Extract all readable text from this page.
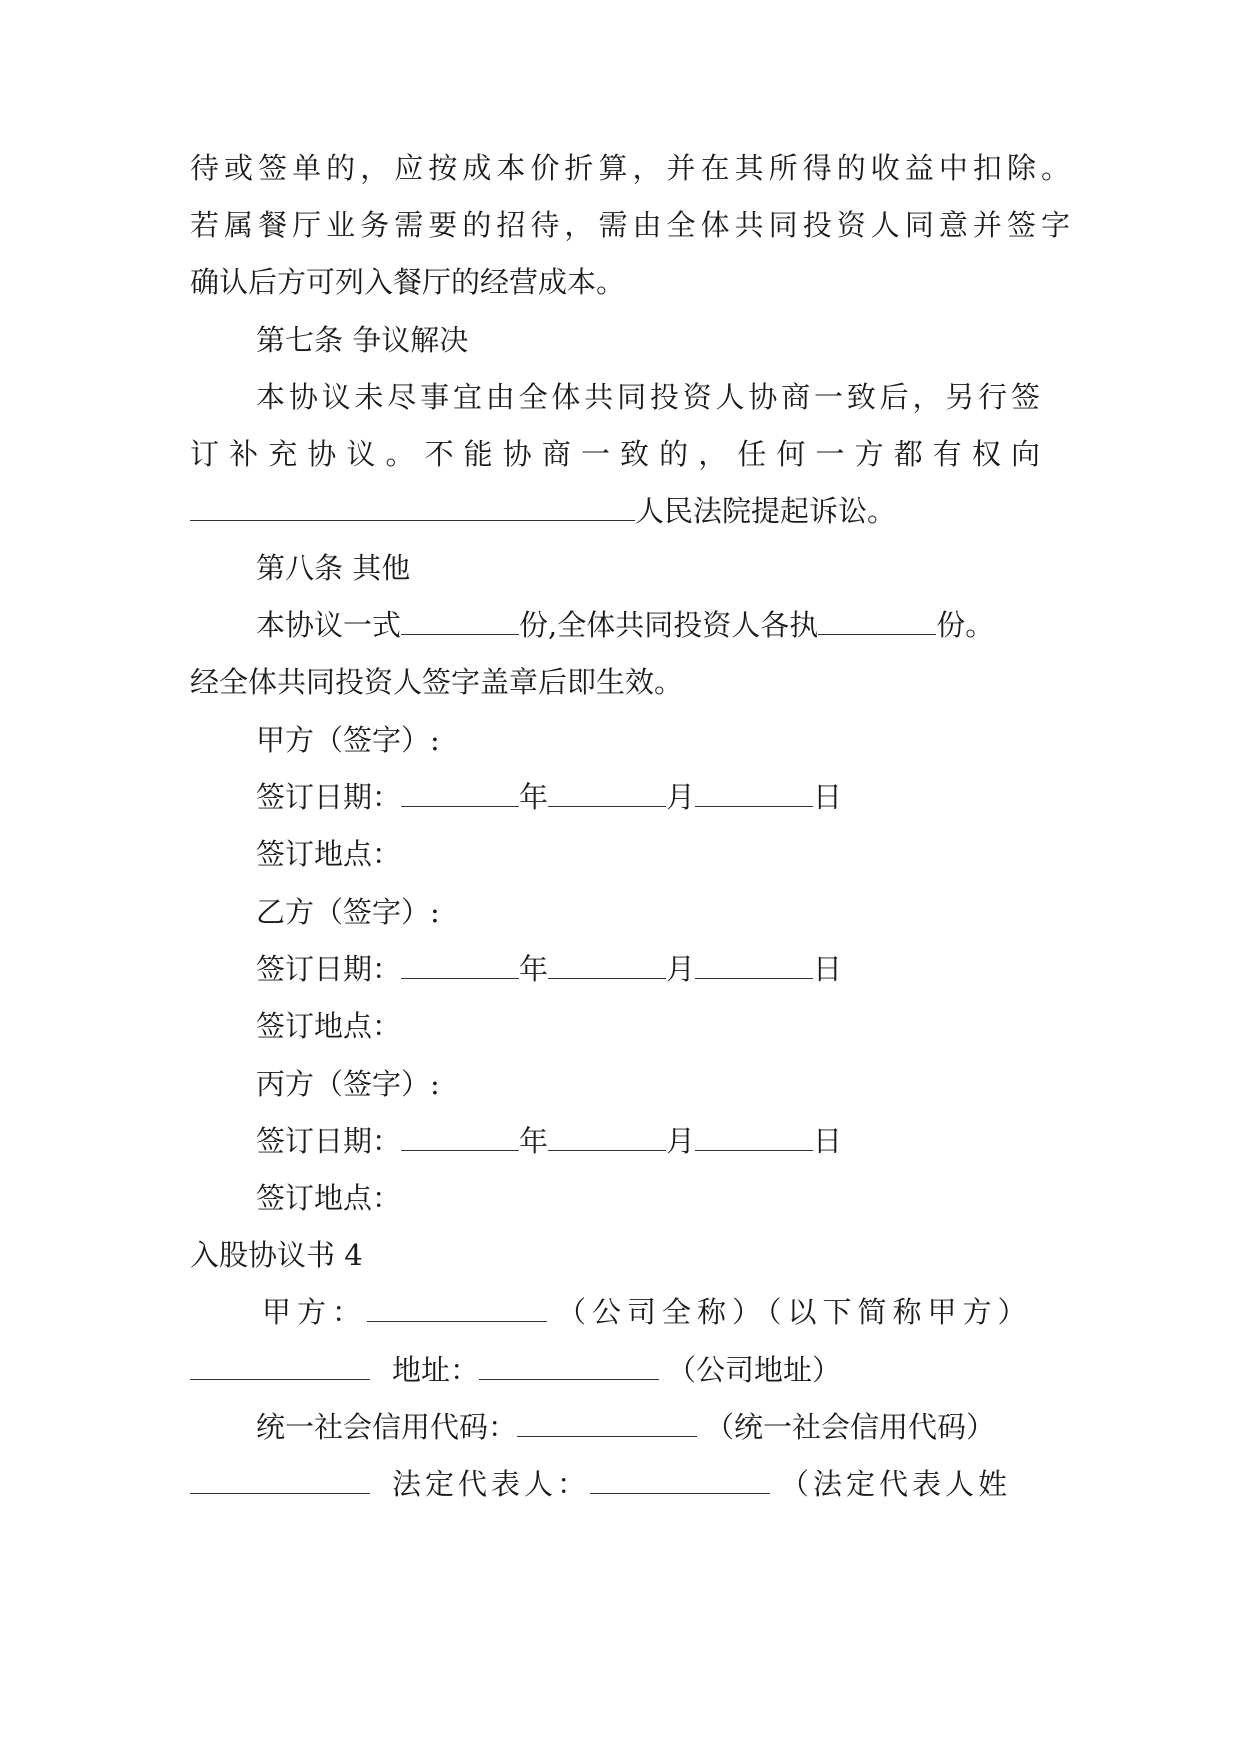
待或签单的，应按成本价折算，并在其所得的收益中扣除。
若属餐厅业务需要的招待，需由全体共同投资人同意并签字
确认后方可列入餐厅的经营成本。
第七条 争议解决
本协议未尽事宜由全体共同投资人协商一致后，另行签
订补充协议。不能协商一致的，任何一方都有权向
人民法院提起诉讼。
第八条 其他
本协议一式	份,全体共同投资人各执	份。
经全体共同投资人签字盖章后即生效。
甲方（签字）:
签订日期：	年	月	日
签订地点：
乙方（签字）:
签订日期：	年	月	日
签订地点：
丙方（签字）:
签订日期：	年	月	日
签订地点：
入股协议书 4
甲方：	（公司全称）（以下简称甲方）
地址：	（公司地址）
统一社会信用代码：	（统一社会信用代码）
法定代表人：	（法定代表人姓
